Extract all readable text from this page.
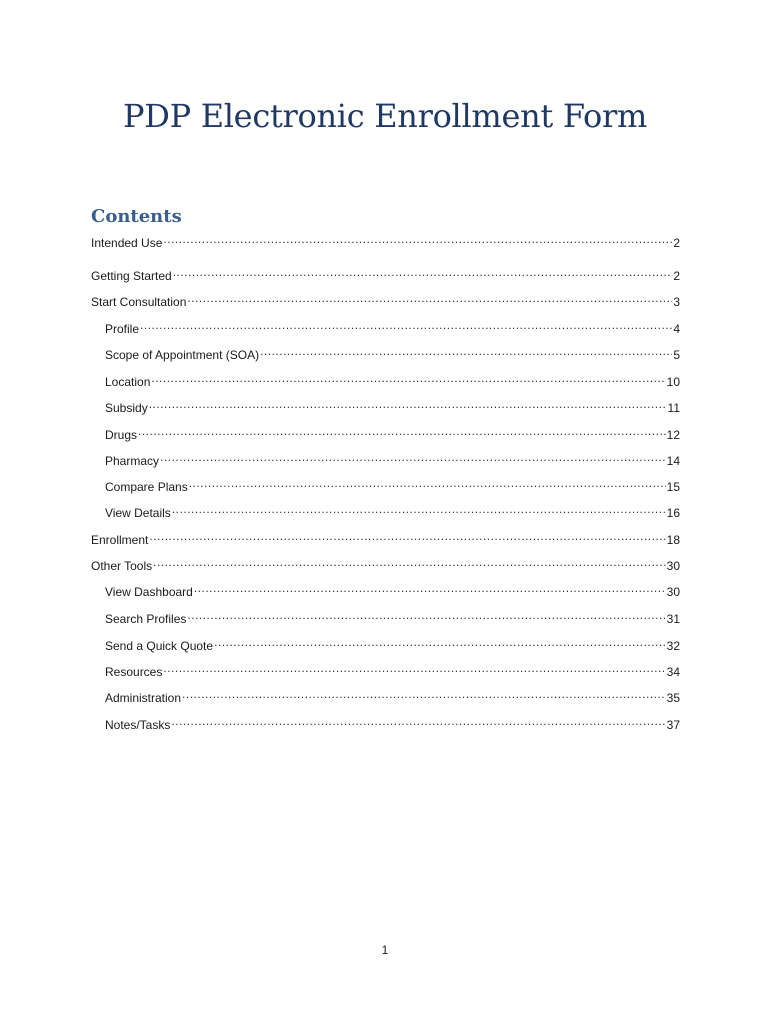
PDP Electronic Enrollment Form
Contents
Intended Use .....	2
Getting Started .....	2
Start Consultation .....	3
Profile .....	4
Scope of Appointment (SOA) .....	5
Location .....	10
Subsidy .....	11
Drugs .....	12
Pharmacy .....	14
Compare Plans .....	15
View Details .....	16
Enrollment .....	18
Other Tools .....	30
View Dashboard .....	30
Search Profiles .....	31
Send a Quick Quote .....	32
Resources .....	34
Administration .....	35
Notes/Tasks .....	37
1
